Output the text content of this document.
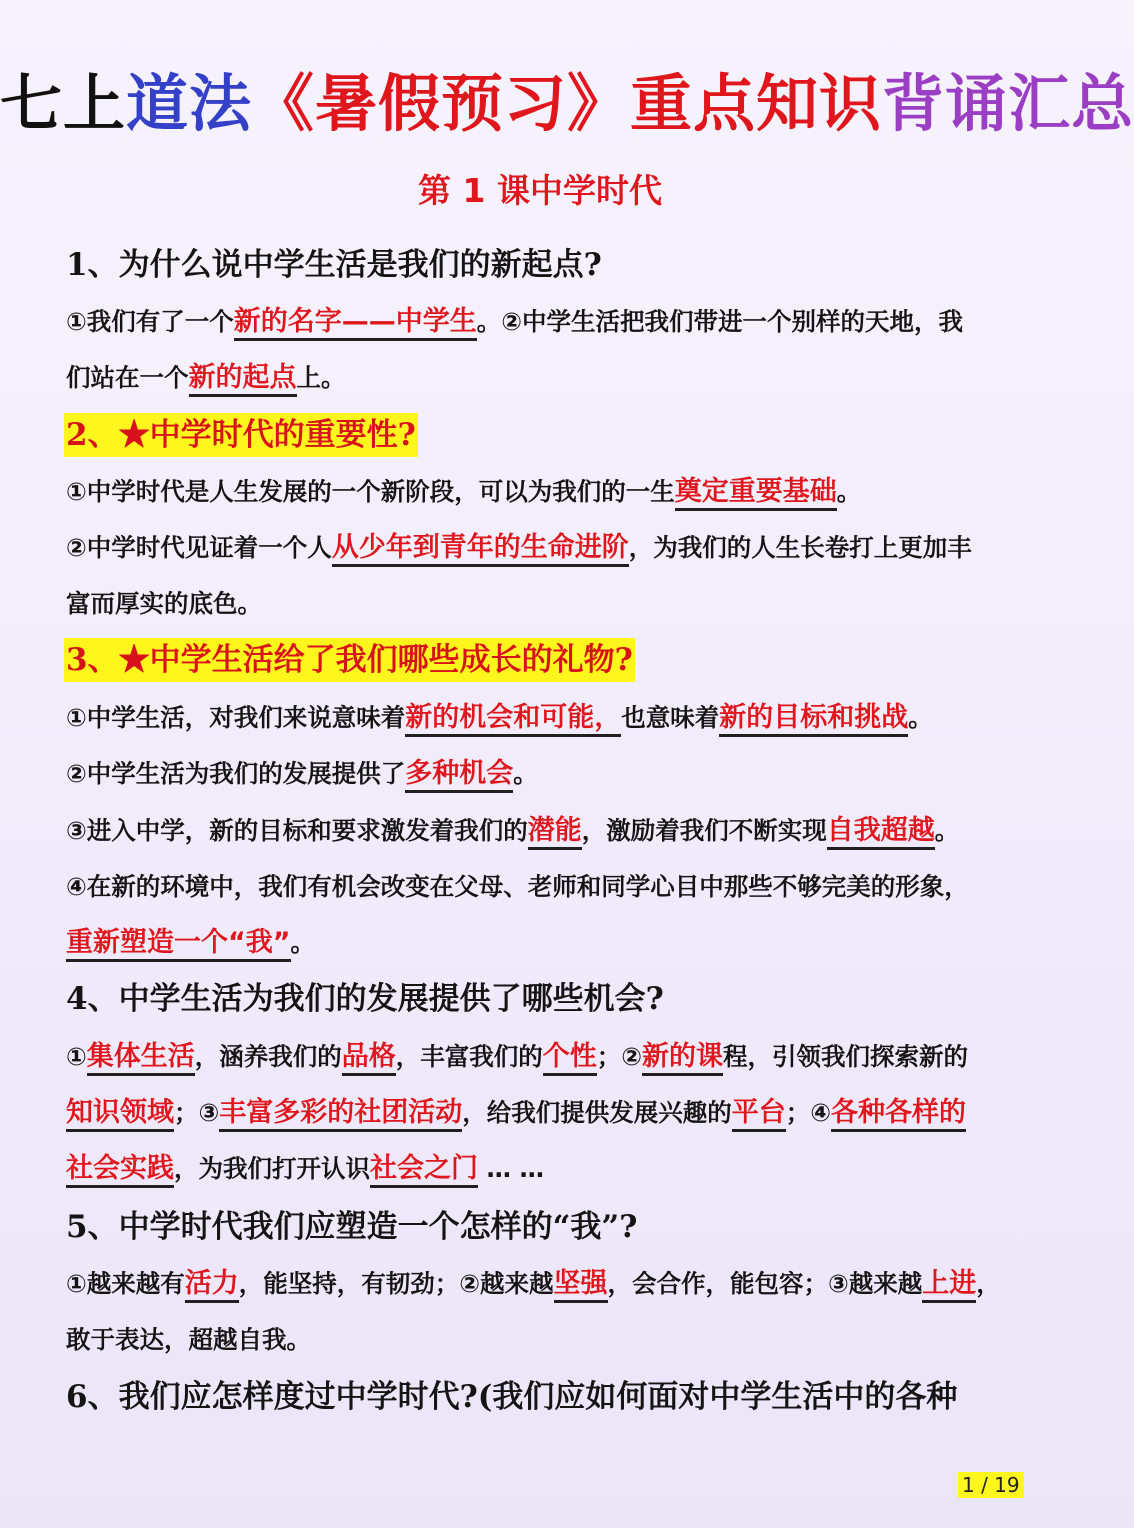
七上道法《暑假预习》重点知识背诵汇总
第 1 课中学时代
1、为什么说中学生活是我们的新起点?

①我们有了一个新的名字——中学生。②中学生活把我们带进一个别样的天地，我

们站在一个新的起点上。

2、★中学时代的重要性?

①中学时代是人生发展的一个新阶段，可以为我们的一生奠定重要基础。

②中学时代见证着一个人从少年到青年的生命进阶，为我们的人生长卷打上更加丰

富而厚实的底色。

3、★中学生活给了我们哪些成长的礼物?

①中学生活，对我们来说意味着新的机会和可能，也意味着新的目标和挑战。

②中学生活为我们的发展提供了多种机会。

③进入中学，新的目标和要求激发着我们的潜能，激励着我们不断实现自我超越。

④在新的环境中，我们有机会改变在父母、老师和同学心目中那些不够完美的形象，

重新塑造一个“我”。

4、中学生活为我们的发展提供了哪些机会?

①集体生活，涵养我们的品格，丰富我们的个性；②新的课程，引领我们探索新的

知识领域；③丰富多彩的社团活动，给我们提供发展兴趣的平台；④各种各样的

社会实践，为我们打开认识社会之门 … …

5、中学时代我们应塑造一个怎样的“我”?

①越来越有活力，能坚持，有韧劲；②越来越坚强，会合作，能包容；③越来越上进，

敢于表达，超越自我。

6、我们应怎样度过中学时代?(我们应如何面对中学生活中的各种
1 / 19
